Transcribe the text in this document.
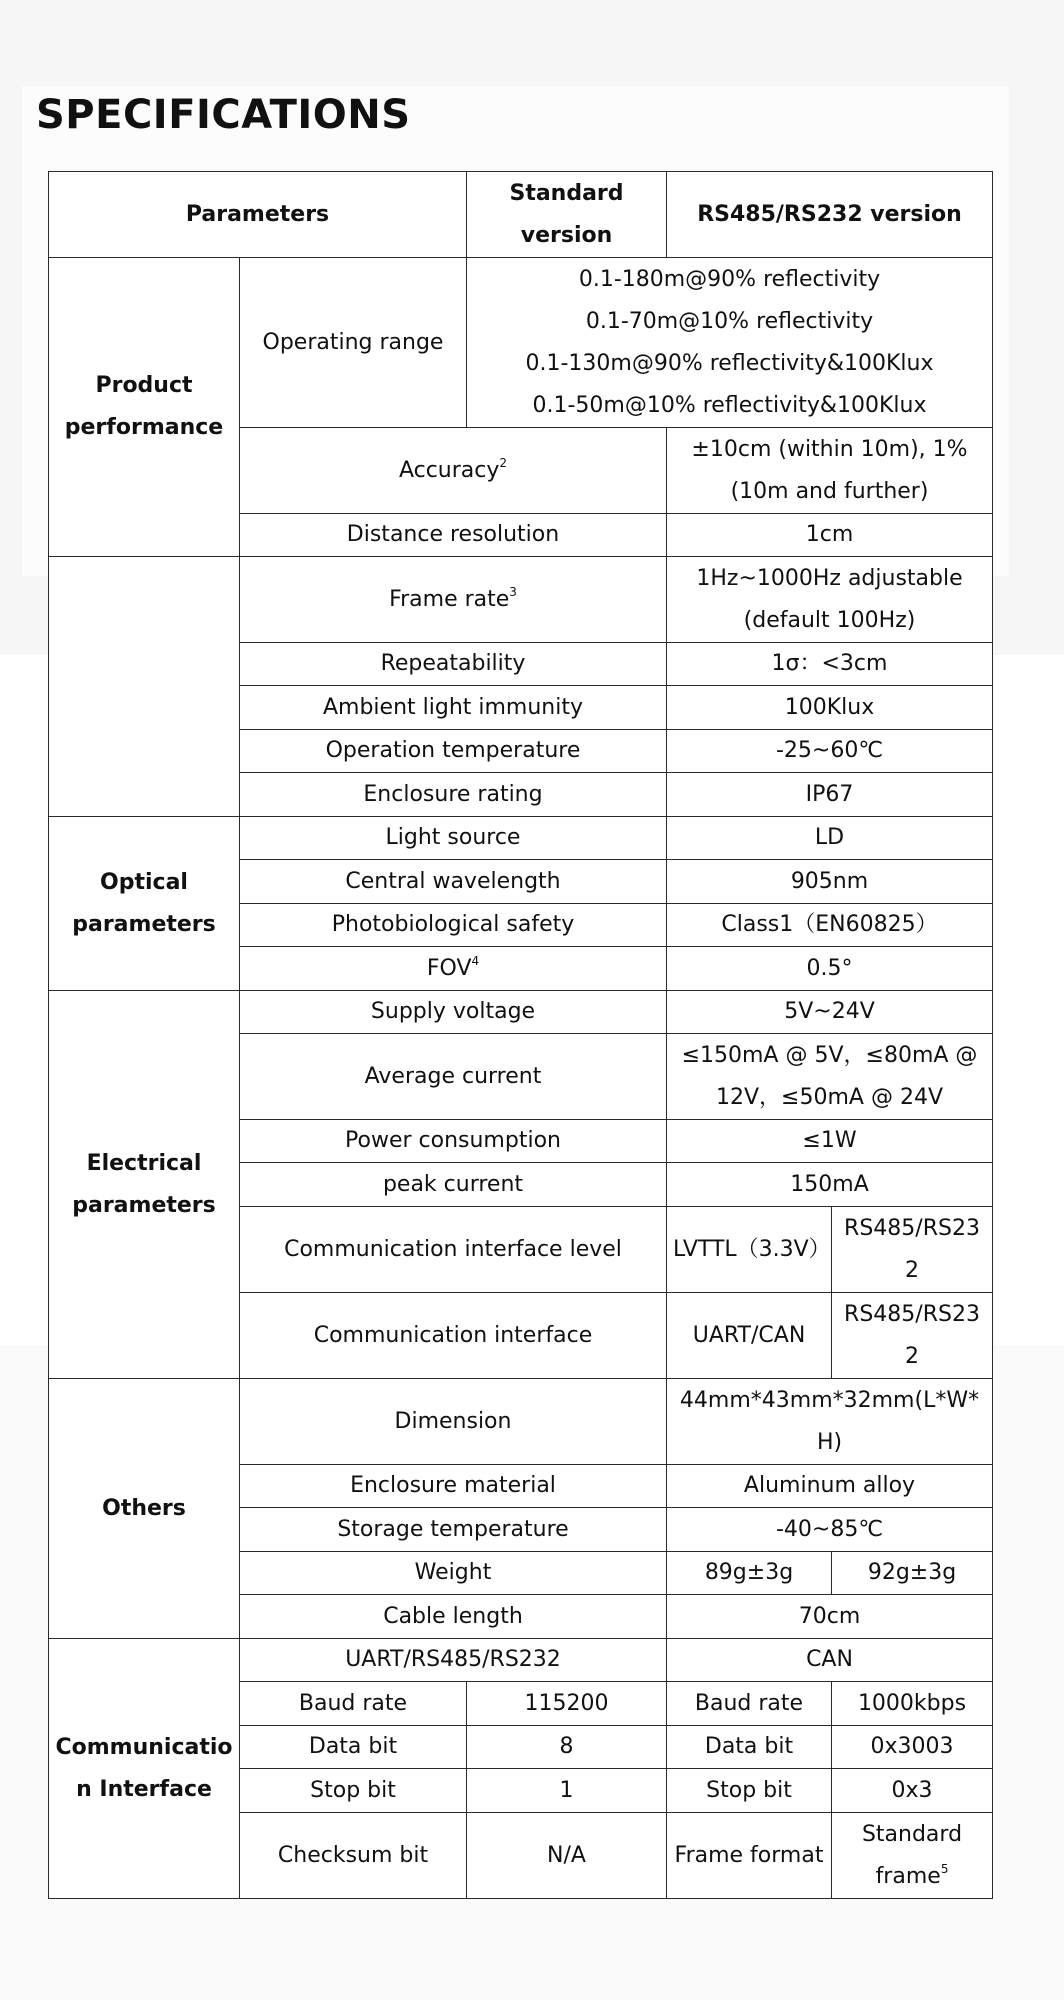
SPECIFICATIONS
Parameters		Standard version	RS485/RS232 version	
Product performance	Operating range	0.1-180m@90% reflectivity
0.1-70m@10% reflectivity
0.1-130m@90% reflectivity&100Klux
0.1-50m@10% reflectivity&100Klux		

	Accuracy$^2$		±10cm (within 10m), 1% (10m and further)	
	Distance resolution		1cm	
	Frame rate$^3$		1Hz~1000Hz adjustable (default 100Hz)	
	Repeatability		1σ：<3cm	
	Ambient light immunity		100Klux	
	Operation temperature		-25~60℃	
	Enclosure rating		IP67	
Optical parameters	Light source		LD	
	Central wavelength		905nm	
	Photobiological safety		Class1（EN60825）	
	FOV$^4$		0.5°	
Electrical parameters	Supply voltage		5V~24V	
	Average current		≤150mA @ 5V，≤80mA @ 12V，≤50mA @ 24V	
	Power consumption		≤1W	
	peak current		150mA	
	Communication interface level		LVTTL（3.3V）	RS485/RS232
	Communication interface		UART/CAN	RS485/RS232
Others	Dimension		44mm*43mm*32mm(L*W*H)	
	Enclosure material		Aluminum alloy	
	Storage temperature		-40~85℃	
	Weight		89g±3g	92g±3g
	Cable length		70cm	
Communication Interface	UART/RS485/RS232		CAN	
	Baud rate	115200	Baud rate	1000kbps
	Data bit	8	Data bit	0x3003
	Stop bit	1	Stop bit	0x3
	Checksum bit	N/A	Frame format	Standard frame$^5$
